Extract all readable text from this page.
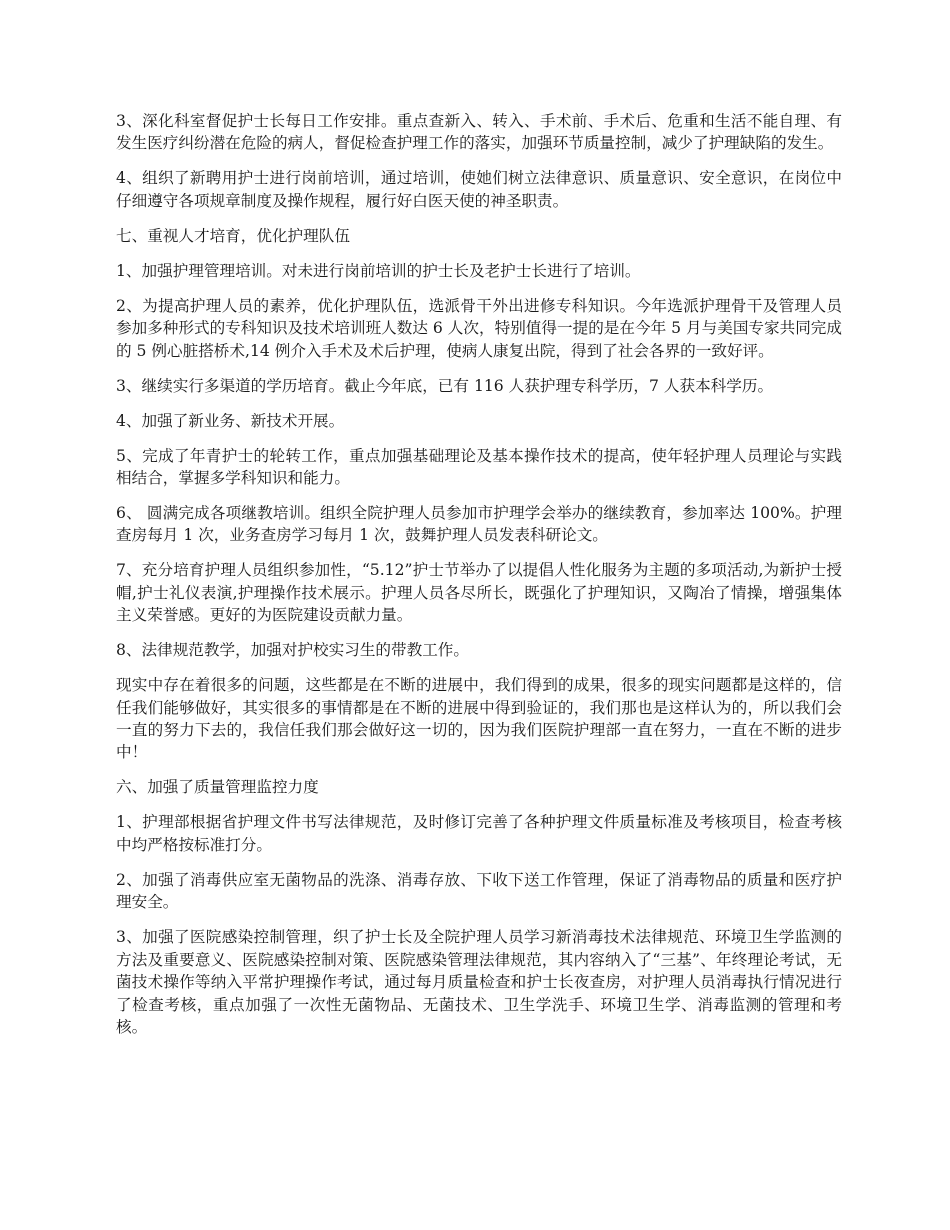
3、深化科室督促护士长每日工作安排。重点查新入、转入、手术前、手术后、危重和生活不能自理、有发生医疗纠纷潜在危险的病人，督促检查护理工作的落实，加强环节质量控制，减少了护理缺陷的发生。

4、组织了新聘用护士进行岗前培训，通过培训，使她们树立法律意识、质量意识、安全意识，在岗位中仔细遵守各项规章制度及操作规程，履行好白医天使的神圣职责。

七、重视人才培育，优化护理队伍

1、加强护理管理培训。对未进行岗前培训的护士长及老护士长进行了培训。

2、为提高护理人员的素养，优化护理队伍，选派骨干外出进修专科知识。今年选派护理骨干及管理人员参加多种形式的专科知识及技术培训班人数达 6 人次，特别值得一提的是在今年 5 月与美国专家共同完成的 5 例心脏搭桥术,14 例介入手术及术后护理，使病人康复出院，得到了社会各界的一致好评。

3、继续实行多渠道的学历培育。截止今年底，已有 116 人获护理专科学历，7 人获本科学历。

4、加强了新业务、新技术开展。

5、完成了年青护士的轮转工作，重点加强基础理论及基本操作技术的提高，使年轻护理人员理论与实践相结合，掌握多学科知识和能力。

6、 圆满完成各项继教培训。组织全院护理人员参加市护理学会举办的继续教育，参加率达 100%。护理查房每月 1 次，业务查房学习每月 1 次，鼓舞护理人员发表科研论文。

7、充分培育护理人员组织参加性，“5.12”护士节举办了以提倡人性化服务为主题的多项活动,为新护士授帽,护士礼仪表演,护理操作技术展示。护理人员各尽所长，既强化了护理知识，又陶冶了情操，增强集体主义荣誉感。更好的为医院建设贡献力量。

8、法律规范教学，加强对护校实习生的带教工作。

现实中存在着很多的问题，这些都是在不断的进展中，我们得到的成果，很多的现实问题都是这样的，信任我们能够做好，其实很多的事情都是在不断的进展中得到验证的，我们那也是这样认为的，所以我们会一直的努力下去的，我信任我们那会做好这一切的，因为我们医院护理部一直在努力，一直在不断的进步中！

六、加强了质量管理监控力度

1、护理部根据省护理文件书写法律规范，及时修订完善了各种护理文件质量标准及考核项目，检查考核中均严格按标准打分。

2、加强了消毒供应室无菌物品的洗涤、消毒存放、下收下送工作管理，保证了消毒物品的质量和医疗护理安全。

3、加强了医院感染控制管理，织了护士长及全院护理人员学习新消毒技术法律规范、环境卫生学监测的方法及重要意义、医院感染控制对策、医院感染管理法律规范，其内容纳入了“三基”、年终理论考试，无菌技术操作等纳入平常护理操作考试，通过每月质量检查和护士长夜查房，对护理人员消毒执行情况进行了检查考核，重点加强了一次性无菌物品、无菌技术、卫生学洗手、环境卫生学、消毒监测的管理和考核。
